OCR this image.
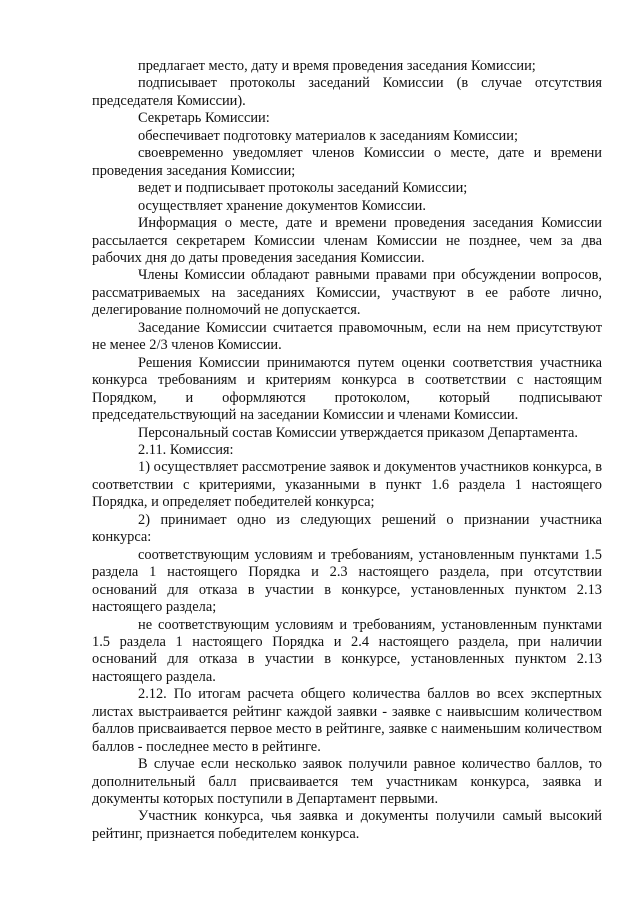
предлагает место, дату и время проведения заседания Комиссии;

подписывает протоколы заседаний Комиссии (в случае отсутствия председателя Комиссии).

Секретарь Комиссии:

обеспечивает подготовку материалов к заседаниям Комиссии;

своевременно уведомляет членов Комиссии о месте, дате и времени проведения заседания Комиссии;

ведет и подписывает протоколы заседаний Комиссии;

осуществляет хранение документов Комиссии.

Информация о месте, дате и времени проведения заседания Комиссии рассылается секретарем Комиссии членам Комиссии не позднее, чем за два рабочих дня до даты проведения заседания Комиссии.

Члены Комиссии обладают равными правами при обсуждении вопросов, рассматриваемых на заседаниях Комиссии, участвуют в ее работе лично, делегирование полномочий не допускается.

Заседание Комиссии считается правомочным, если на нем присутствуют не менее 2/3 членов Комиссии.

Решения Комиссии принимаются путем оценки соответствия участника конкурса требованиям и критериям конкурса в соответствии с настоящим Порядком, и оформляются протоколом, который подписывают председательствующий на заседании Комиссии и членами Комиссии.

Персональный состав Комиссии утверждается приказом Департамента.

2.11. Комиссия:

1) осуществляет рассмотрение заявок и документов участников конкурса, в соответствии с критериями, указанными в пункт 1.6 раздела 1 настоящего Порядка, и определяет победителей конкурса;

2) принимает одно из следующих решений о признании участника конкурса:

соответствующим условиям и требованиям, установленным пунктами 1.5 раздела 1 настоящего Порядка и 2.3 настоящего раздела, при отсутствии оснований для отказа в участии в конкурсе, установленных пунктом 2.13 настоящего раздела;

не соответствующим условиям и требованиям, установленным пунктами 1.5 раздела 1 настоящего Порядка и 2.4 настоящего раздела, при наличии оснований для отказа в участии в конкурсе, установленных пунктом 2.13 настоящего раздела.

2.12. По итогам расчета общего количества баллов во всех экспертных листах выстраивается рейтинг каждой заявки - заявке с наивысшим количеством баллов присваивается первое место в рейтинге, заявке с наименьшим количеством баллов - последнее место в рейтинге.

В случае если несколько заявок получили равное количество баллов, то дополнительный балл присваивается тем участникам конкурса, заявка и документы которых поступили в Департамент первыми.

Участник конкурса, чья заявка и документы получили самый высокий рейтинг, признается победителем конкурса.
